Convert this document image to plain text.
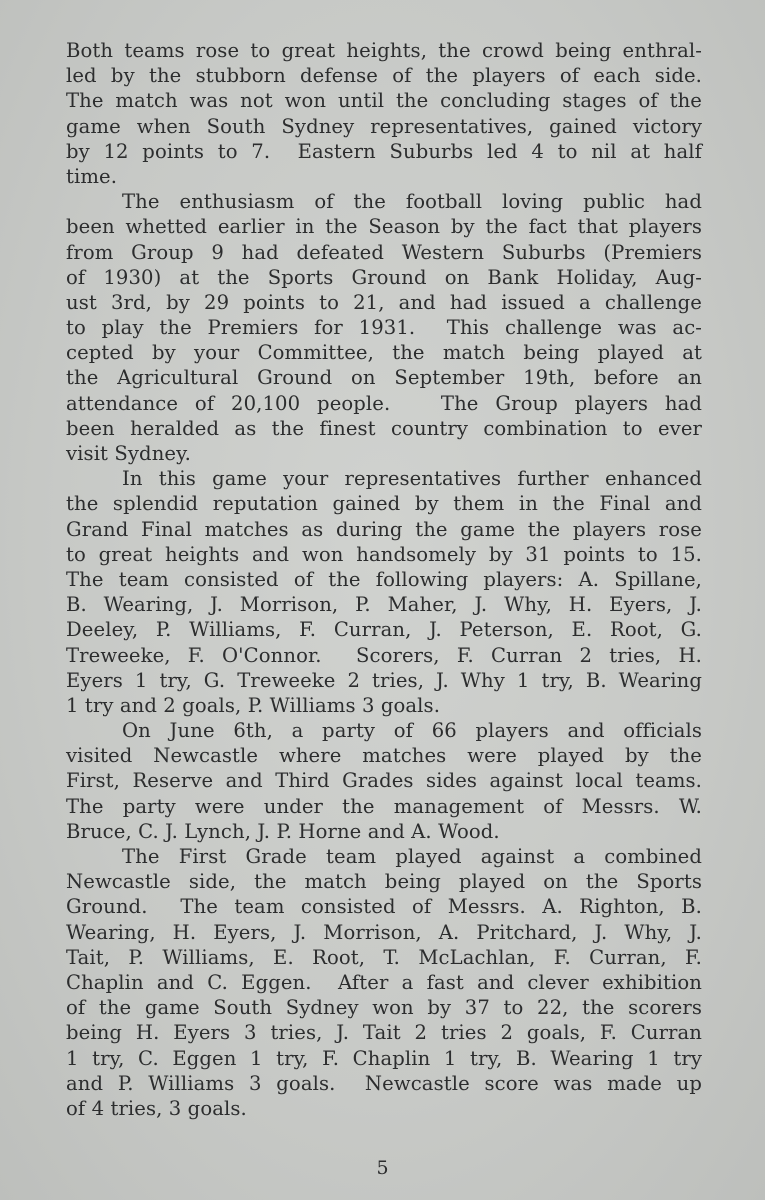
Both teams rose to great heights, the crowd being enthral-
led by the stubborn defense of the players of each side.
The match was not won until the concluding stages of the
game when South Sydney representatives, gained victory
by 12 points to 7.  Eastern Suburbs led 4 to nil at half
time.
The enthusiasm of the football loving public had
been whetted earlier in the Season by the fact that players
from Group 9 had defeated Western Suburbs (Premiers
of 1930) at the Sports Ground on Bank Holiday, Aug-
ust 3rd, by 29 points to 21, and had issued a challenge
to play the Premiers for 1931.  This challenge was ac-
cepted by your Committee, the match being played at
the Agricultural Ground on September 19th, before an
attendance of 20,100 people.   The Group players had
been heralded as the finest country combination to ever
visit Sydney.
In this game your representatives further enhanced
the splendid reputation gained by them in the Final and
Grand Final matches as during the game the players rose
to great heights and won handsomely by 31 points to 15.
The team consisted of the following players: A. Spillane,
B. Wearing, J. Morrison, P. Maher, J. Why, H. Eyers, J.
Deeley, P. Williams, F. Curran, J. Peterson, E. Root, G.
Treweeke, F. O'Connor.  Scorers, F. Curran 2 tries, H.
Eyers 1 try, G. Treweeke 2 tries, J. Why 1 try, B. Wearing
1 try and 2 goals, P. Williams 3 goals.
On June 6th, a party of 66 players and officials
visited Newcastle where matches were played by the
First, Reserve and Third Grades sides against local teams.
The party were under the management of Messrs. W.
Bruce, C. J. Lynch, J. P. Horne and A. Wood.
The First Grade team played against a combined
Newcastle side, the match being played on the Sports
Ground.  The team consisted of Messrs. A. Righton, B.
Wearing, H. Eyers, J. Morrison, A. Pritchard, J. Why, J.
Tait, P. Williams, E. Root, T. McLachlan, F. Curran, F.
Chaplin and C. Eggen.  After a fast and clever exhibition
of the game South Sydney won by 37 to 22, the scorers
being H. Eyers 3 tries, J. Tait 2 tries 2 goals, F. Curran
1 try, C. Eggen 1 try, F. Chaplin 1 try, B. Wearing 1 try
and P. Williams 3 goals.  Newcastle score was made up
of 4 tries, 3 goals.
5
